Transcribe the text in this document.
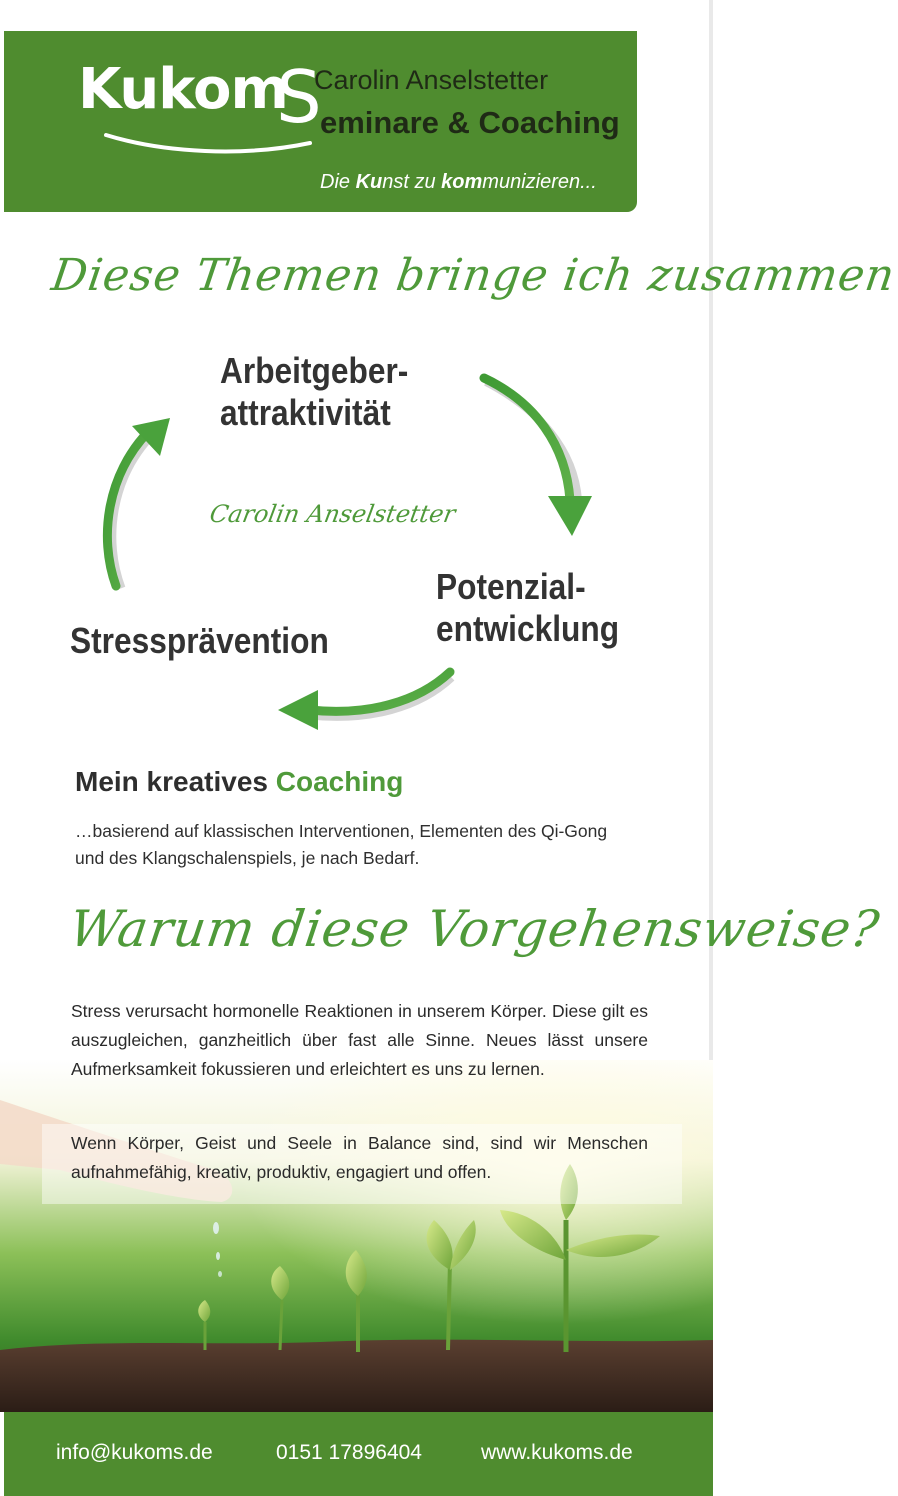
Kukom
S
Carolin Anselstetter
eminare & Coaching
Die Kunst zu kommunizieren...
Diese Themen bringe ich zusammen
Arbeitgeber-
attraktivität
Potenzial-
entwicklung
Stressprävention
Carolin Anselstetter
Mein kreatives Coaching
…basierend auf klassischen Interventionen, Elementen des Qi-Gong und des Klangschalenspiels, je nach Bedarf.
Warum diese Vorgehensweise?
Stress verursacht hormonelle Reaktionen in unserem Körper. Diese gilt es auszugleichen, ganzheitlich über fast alle Sinne. Neues lässt unsere Aufmerksamkeit fokussieren und erleichtert es uns zu lernen.
Wenn Körper, Geist und Seele in Balance sind, sind wir Menschen aufnahmefähig, kreativ, produktiv, engagiert und offen.
info@kukoms.de	0151 17896404	www.kukoms.de
